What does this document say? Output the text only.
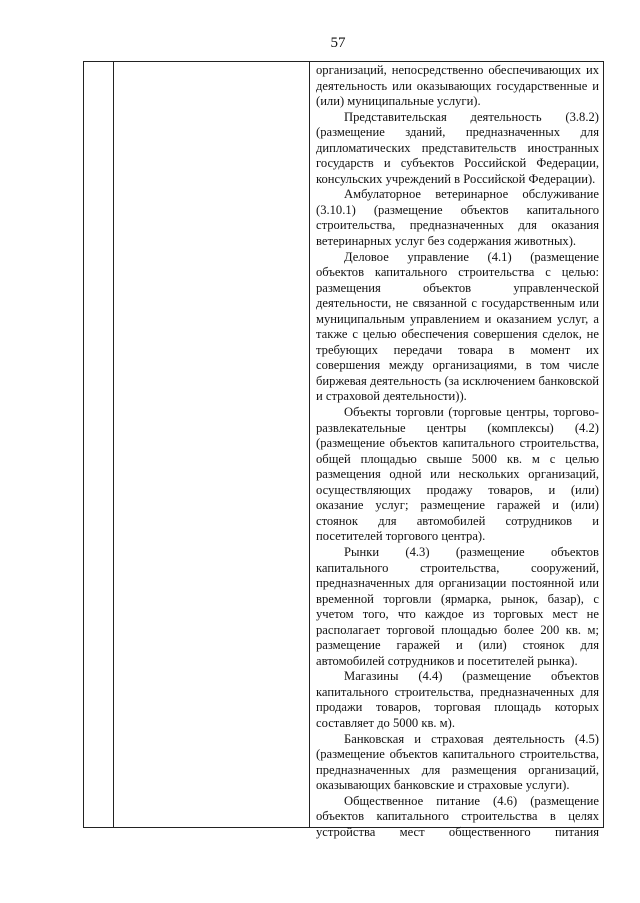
57

организаций, непосредственно обеспечивающих их деятельность или оказывающих государственные и (или) муниципальные услуги).

Представительская деятельность (3.8.2) (размещение зданий, предназначенных для дипломатических представительств иностранных государств и субъектов Российской Федерации, консульских учреждений в Российской Федерации).

Амбулаторное ветеринарное обслуживание (3.10.1) (размещение объектов капитального строительства, предназначенных для оказания ветеринарных услуг без содержания животных).

Деловое управление (4.1) (размещение объектов капитального строительства с целью: размещения объектов управленческой деятельности, не связанной с государственным или муниципальным управлением и оказанием услуг, а также с целью обеспечения совершения сделок, не требующих передачи товара в момент их совершения между организациями, в том числе биржевая деятельность (за исключением банковской и страховой деятельности)).

Объекты торговли (торговые центры, торгово-развлекательные центры (комплексы) (4.2) (размещение объектов капитального строительства, общей площадью свыше 5000 кв. м с целью размещения одной или нескольких организаций, осуществляющих продажу товаров, и (или) оказание услуг; размещение гаражей и (или) стоянок для автомобилей сотрудников и посетителей торгового центра).

Рынки (4.3) (размещение объектов капитального строительства, сооружений, предназначенных для организации постоянной или временной торговли (ярмарка, рынок, базар), с учетом того, что каждое из торговых мест не располагает торговой площадью более 200 кв. м; размещение гаражей и (или) стоянок для автомобилей сотрудников и посетителей рынка).

Магазины (4.4) (размещение объектов капитального строительства, предназначенных для продажи товаров, торговая площадь которых составляет до 5000 кв. м).

Банковская и страховая деятельность (4.5) (размещение объектов капитального строительства, предназначенных для размещения организаций, оказывающих банковские и страховые услуги).

Общественное питание (4.6) (размещение объектов капитального строительства в целях устройства мест общественного питания
